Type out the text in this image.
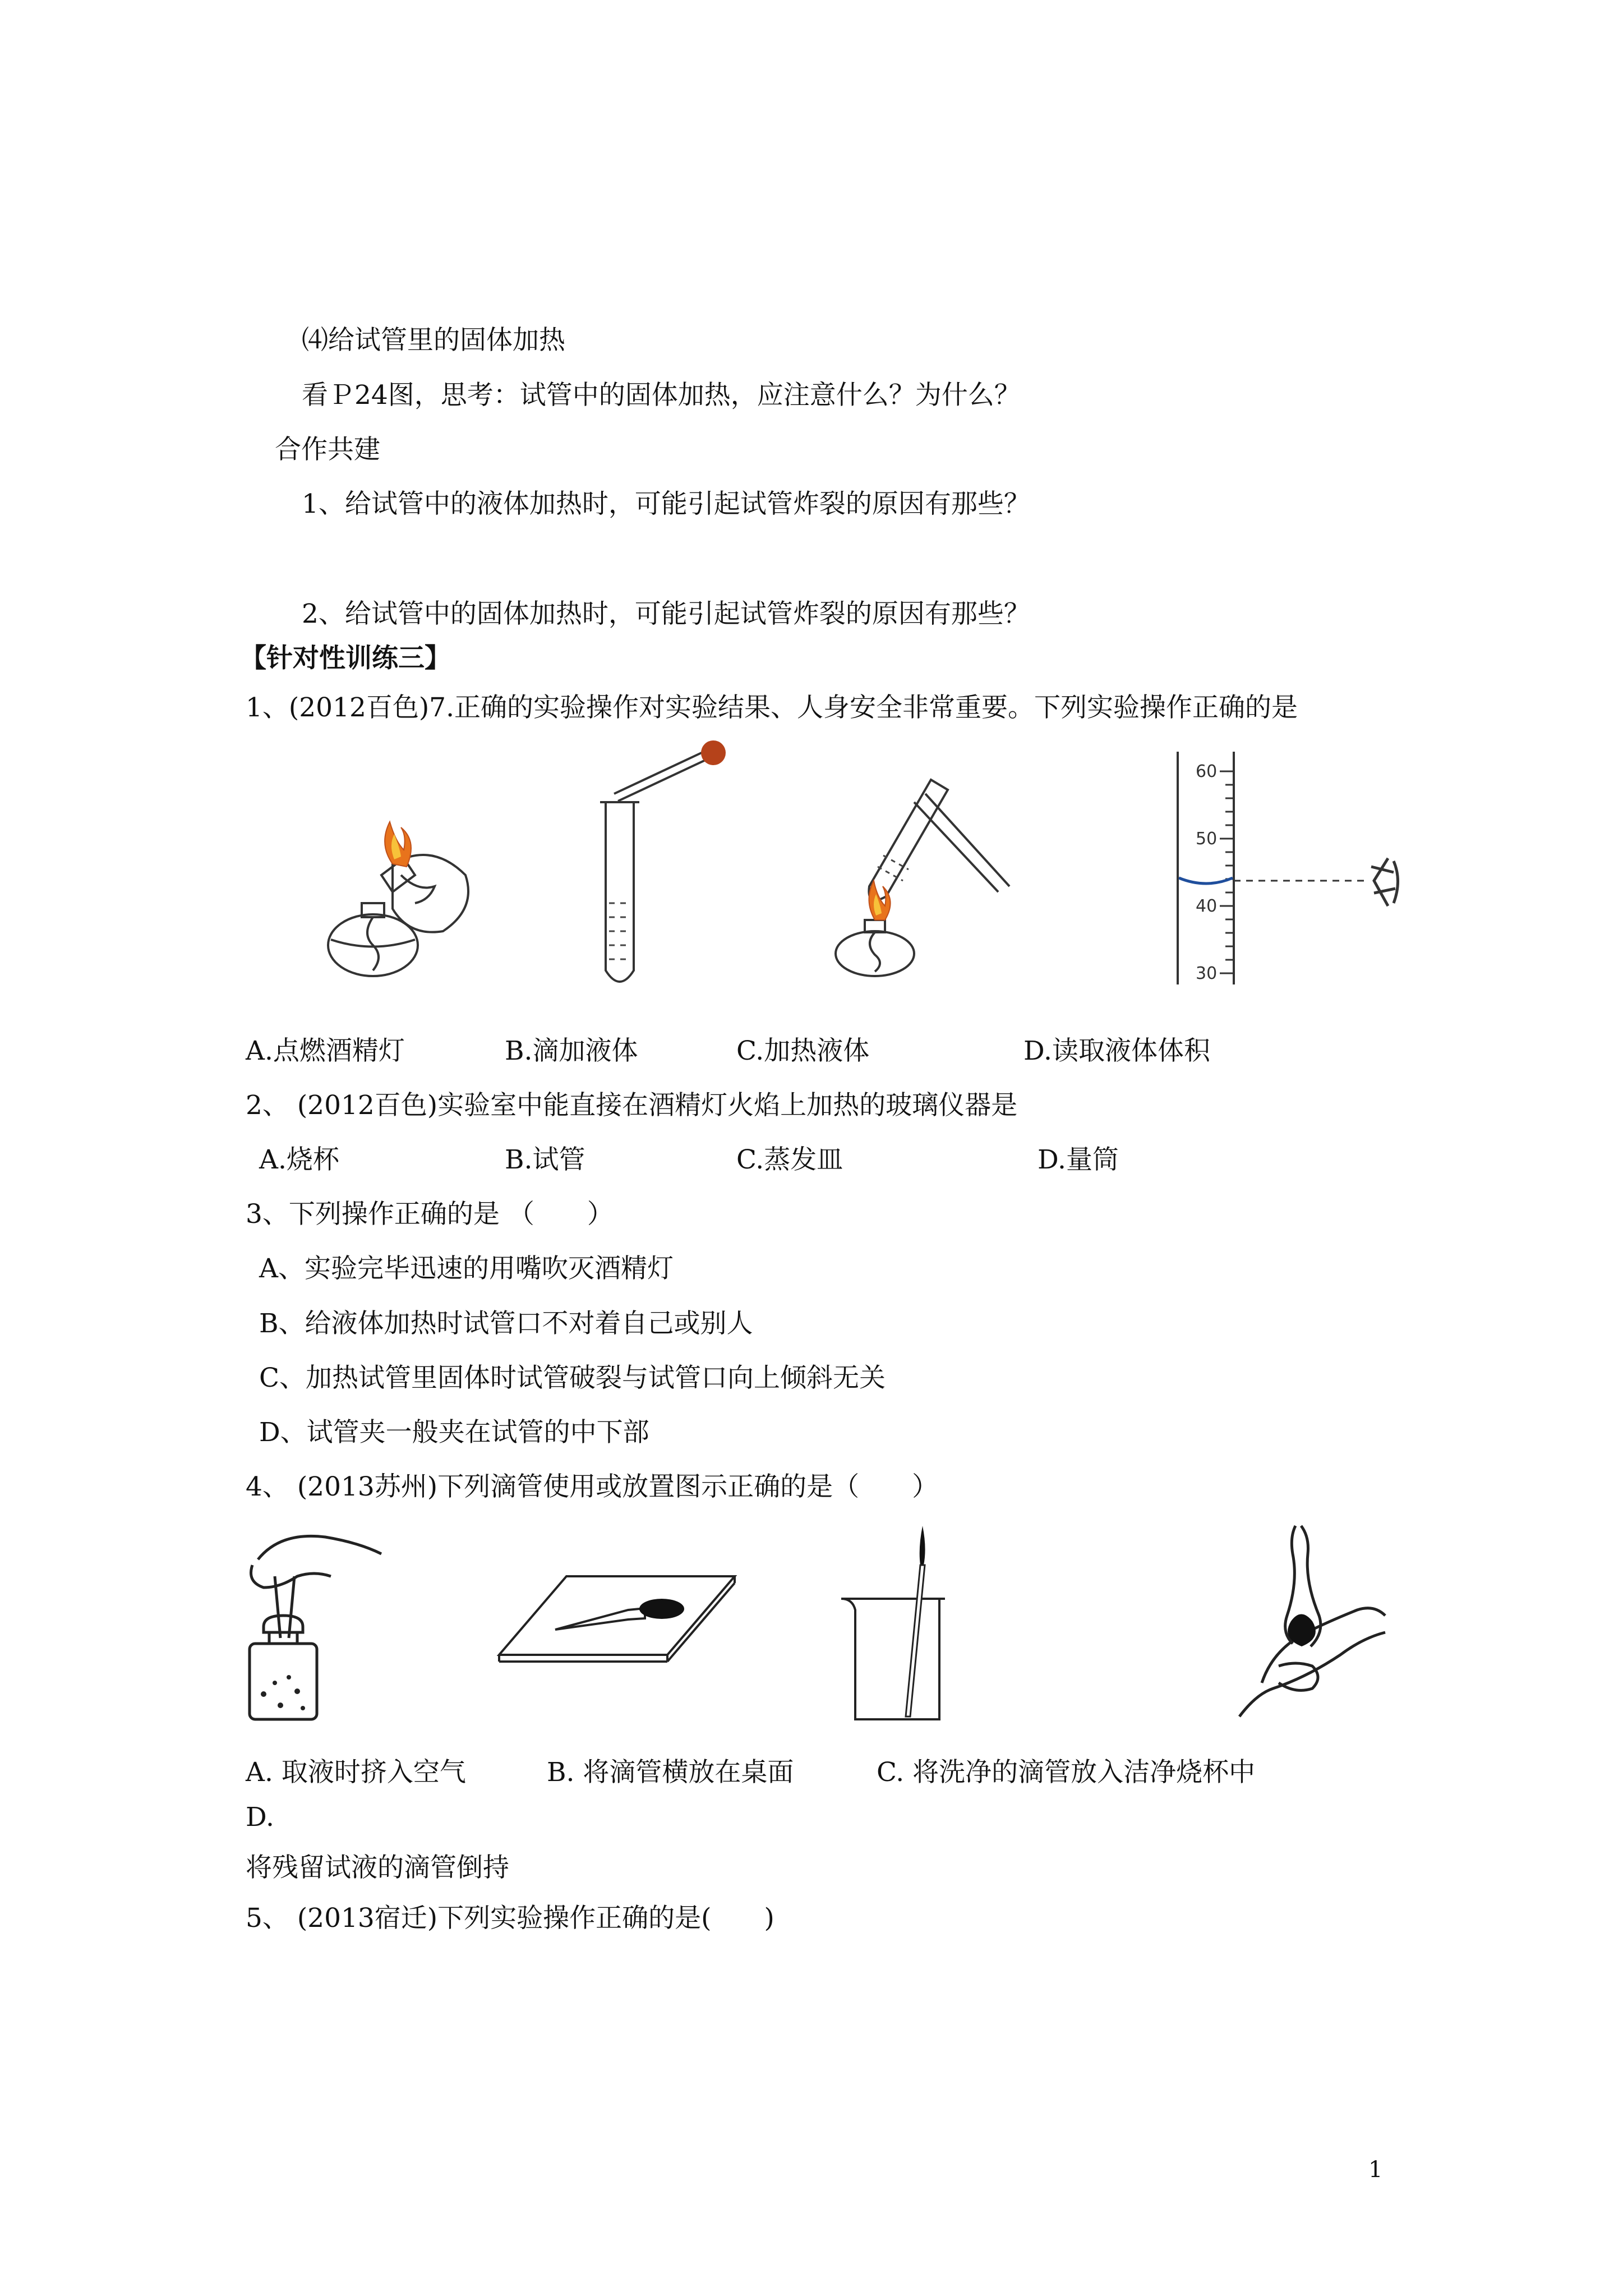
⑷给试管里的固体加热
看Ｐ24图，思考：试管中的固体加热，应注意什么？为什么？
合作共建
1、给试管中的液体加热时，可能引起试管炸裂的原因有那些？
2、给试管中的固体加热时，可能引起试管炸裂的原因有那些？
【针对性训练三】
1、(2012百色)7.正确的实验操作对实验结果、人身安全非常重要。下列实验操作正确的是
60
50
40
30
A.点燃酒精灯	B.滴加液体	C.加热液体	D.读取液体体积
2、 (2012百色)实验室中能直接在酒精灯火焰上加热的玻璃仪器是
A.烧杯	B.试管	C.蒸发皿	D.量筒
3、下列操作正确的是 （　　）
A、实验完毕迅速的用嘴吹灭酒精灯
B、给液体加热时试管口不对着自己或别人
C、加热试管里固体时试管破裂与试管口向上倾斜无关
D、试管夹一般夹在试管的中下部
4、 (2013苏州)下列滴管使用或放置图示正确的是（　　）
A. 取液时挤入空气	B. 将滴管横放在桌面	C. 将洗净的滴管放入洁净烧杯中
D.
将残留试液的滴管倒持
5、 (2013宿迁)下列实验操作正确的是(　　)
1
